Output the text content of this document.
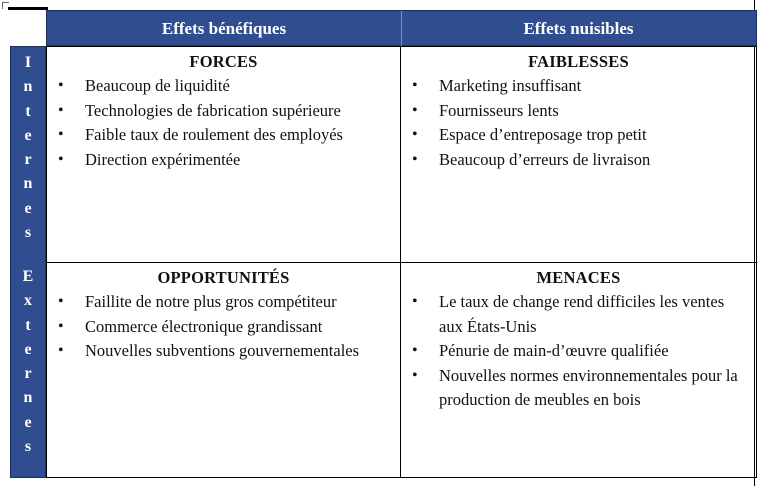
Effets bénéfiques	Effets nuisibles
I
n
t
e
r
n
e
s
E
x
t
e
r
n
e
s
FORCES
• Beaucoup de liquidité
• Technologies de fabrication supérieure
• Faible taux de roulement des employés
• Direction expérimentée
FAIBLESSES
• Marketing insuffisant
• Fournisseurs lents
• Espace d’entreposage trop petit
• Beaucoup d’erreurs de livraison
OPPORTUNITÉS
• Faillite de notre plus gros compétiteur
• Commerce électronique grandissant
• Nouvelles subventions gouvernementales
MENACES
• Le taux de change rend difficiles les ventes aux États-Unis
• Pénurie de main-d’œuvre qualifiée
• Nouvelles normes environnementales pour la production de meubles en bois
